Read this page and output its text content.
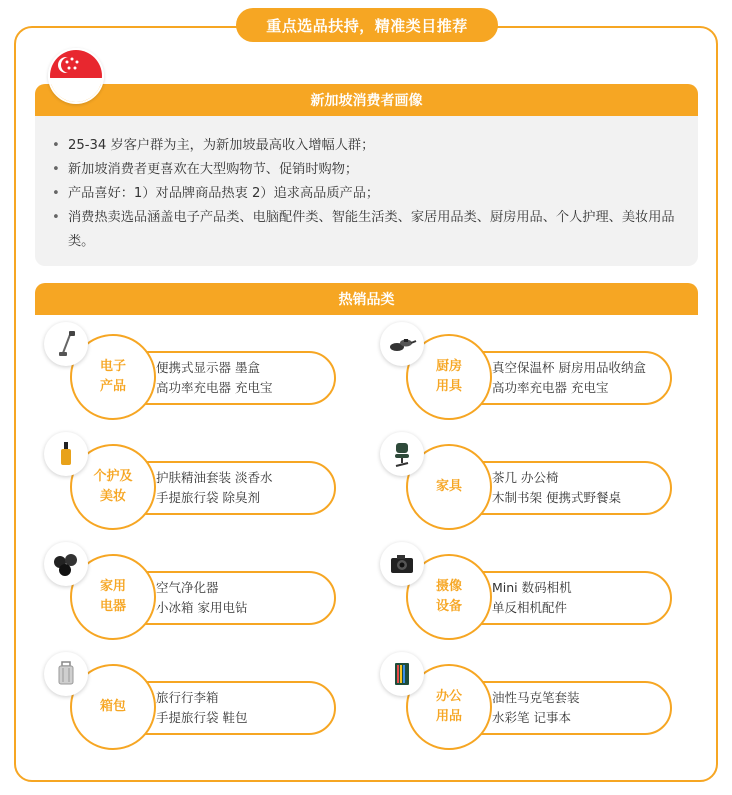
重点选品扶持，精准类目推荐
新加坡消费者画像
• 25-34 岁客户群为主，为新加坡最高收入增幅人群；
• 新加坡消费者更喜欢在大型购物节、促销时购物；
• 产品喜好：1）对品牌商品热衷 2）追求高品质产品；
• 消费热卖选品涵盖电子产品类、电脑配件类、智能生活类、家居用品类、厨房用品、个人护理、美妆用品类。
热销品类
便携式显示器 墨盒
高功率充电器 充电宝
电子
产品
真空保温杯 厨房用品收纳盒
高功率充电器 充电宝
厨房
用具
护肤精油套装 淡香水
手提旅行袋 除臭剂
个护及
美妆
茶几 办公椅
木制书架 便携式野餐桌
家具
空气净化器
小冰箱 家用电钻
家用
电器
Mini 数码相机
单反相机配件
摄像
设备
旅行行李箱
手提旅行袋 鞋包
箱包
油性马克笔套装
水彩笔 记事本
办公
用品
